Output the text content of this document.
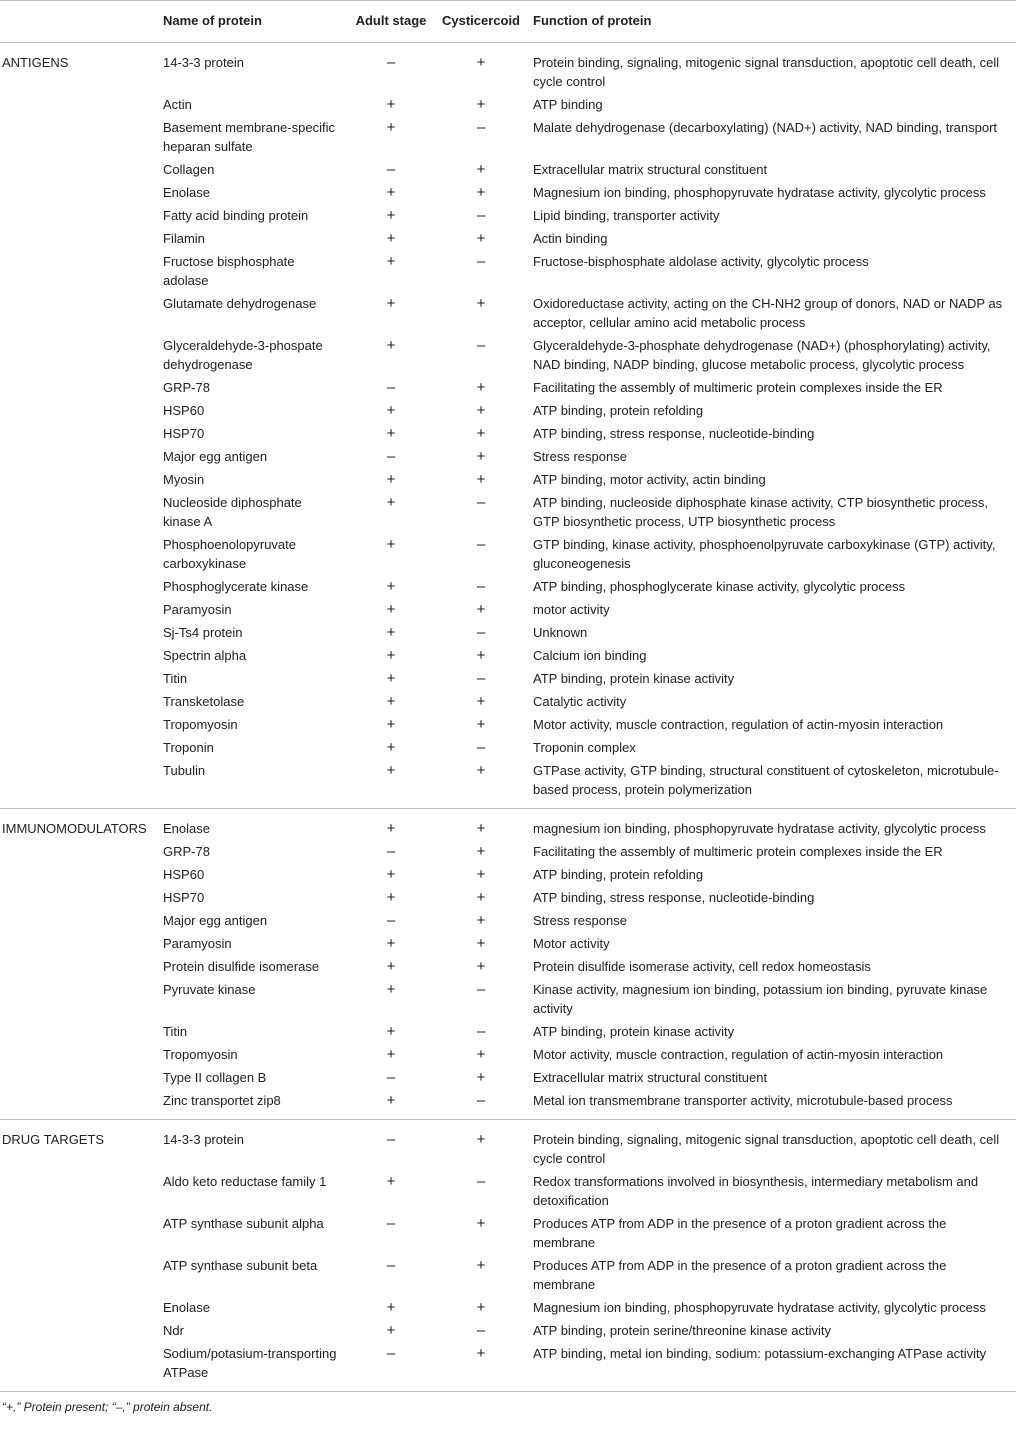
	Name of protein	Adult stage	Cysticercoid	Function of protein
ANTIGENS	14-3-3 protein	–	+	Protein binding, signaling, mitogenic signal transduction, apoptotic cell death, cell cycle control
	Actin	+	+	ATP binding
	Basement membrane-specific heparan sulfate	+	–	Malate dehydrogenase (decarboxylating) (NAD+) activity, NAD binding, transport
	Collagen	–	+	Extracellular matrix structural constituent
	Enolase	+	+	Magnesium ion binding, phosphopyruvate hydratase activity, glycolytic process
	Fatty acid binding protein	+	–	Lipid binding, transporter activity
	Filamin	+	+	Actin binding
	Fructose bisphosphate adolase	+	–	Fructose-bisphosphate aldolase activity, glycolytic process
	Glutamate dehydrogenase	+	+	Oxidoreductase activity, acting on the CH-NH2 group of donors, NAD or NADP as acceptor, cellular amino acid metabolic process
	Glyceraldehyde-3-phospate dehydrogenase	+	–	Glyceraldehyde-3-phosphate dehydrogenase (NAD+) (phosphorylating) activity, NAD binding, NADP binding, glucose metabolic process, glycolytic process
	GRP-78	–	+	Facilitating the assembly of multimeric protein complexes inside the ER
	HSP60	+	+	ATP binding, protein refolding
	HSP70	+	+	ATP binding, stress response, nucleotide-binding
	Major egg antigen	–	+	Stress response
	Myosin	+	+	ATP binding, motor activity, actin binding
	Nucleoside diphosphate kinase A	+	–	ATP binding, nucleoside diphosphate kinase activity, CTP biosynthetic process, GTP biosynthetic process, UTP biosynthetic process
	Phosphoenolopyruvate carboxykinase	+	–	GTP binding, kinase activity, phosphoenolpyruvate carboxykinase (GTP) activity, gluconeogenesis
	Phosphoglycerate kinase	+	–	ATP binding, phosphoglycerate kinase activity, glycolytic process
	Paramyosin	+	+	motor activity
	Sj-Ts4 protein	+	–	Unknown
	Spectrin alpha	+	+	Calcium ion binding
	Titin	+	–	ATP binding, protein kinase activity
	Transketolase	+	+	Catalytic activity
	Tropomyosin	+	+	Motor activity, muscle contraction, regulation of actin-myosin interaction
	Troponin	+	–	Troponin complex
	Tubulin	+	+	GTPase activity, GTP binding, structural constituent of cytoskeleton, microtubule-based process, protein polymerization
IMMUNOMODULATORS	Enolase	+	+	magnesium ion binding, phosphopyruvate hydratase activity, glycolytic process
	GRP-78	–	+	Facilitating the assembly of multimeric protein complexes inside the ER
	HSP60	+	+	ATP binding, protein refolding
	HSP70	+	+	ATP binding, stress response, nucleotide-binding
	Major egg antigen	–	+	Stress response
	Paramyosin	+	+	Motor activity
	Protein disulfide isomerase	+	+	Protein disulfide isomerase activity, cell redox homeostasis
	Pyruvate kinase	+	–	Kinase activity, magnesium ion binding, potassium ion binding, pyruvate kinase activity
	Titin	+	–	ATP binding, protein kinase activity
	Tropomyosin	+	+	Motor activity, muscle contraction, regulation of actin-myosin interaction
	Type II collagen B	–	+	Extracellular matrix structural constituent
	Zinc transportet zip8	+	–	Metal ion transmembrane transporter activity, microtubule-based process
DRUG TARGETS	14-3-3 protein	–	+	Protein binding, signaling, mitogenic signal transduction, apoptotic cell death, cell cycle control
	Aldo keto reductase family 1	+	–	Redox transformations involved in biosynthesis, intermediary metabolism and detoxification
	ATP synthase subunit alpha	–	+	Produces ATP from ADP in the presence of a proton gradient across the membrane
	ATP synthase subunit beta	–	+	Produces ATP from ADP in the presence of a proton gradient across the membrane
	Enolase	+	+	Magnesium ion binding, phosphopyruvate hydratase activity, glycolytic process
	Ndr	+	–	ATP binding, protein serine/threonine kinase activity
	Sodium/potasium-transporting ATPase	–	+	ATP binding, metal ion binding, sodium: potassium-exchanging ATPase activity
“+,” Protein present; “–,” protein absent.
